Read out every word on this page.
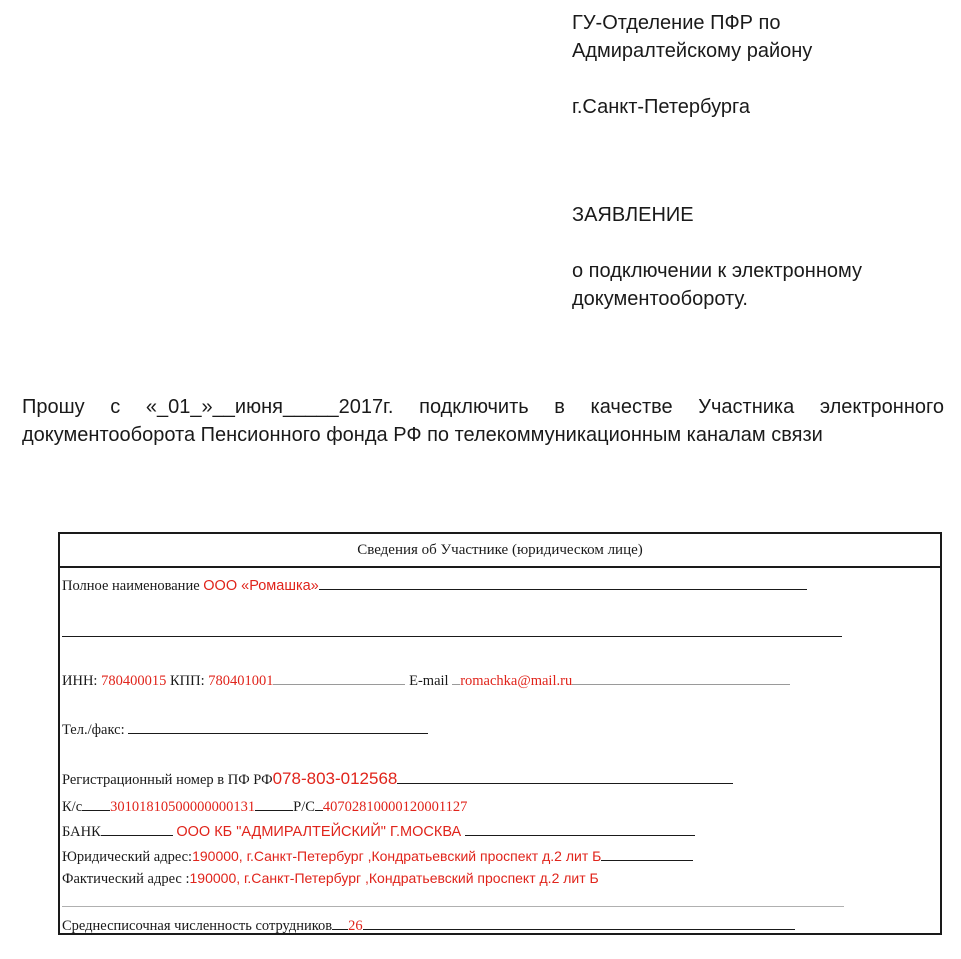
ГУ-Отделение ПФР по
Адмиралтейскому району
г.Санкт-Петербурга
ЗАЯВЛЕНИЕ
о подключении к электронному
документообороту.
Прошу с «_01_»__июня_____2017г. подключить в качестве Участника электронного
документооборота Пенсионного фонда РФ по телекоммуникационным каналам связи
Сведения об Участнике (юридическом лице)
Полное наименование ООО «Ромашка»
ИНН: 780400015 КПП: 780401001	E-mail romachka@mail.ru
Тел./факс:
Регистрационный номер в ПФ РФ078-803-012568
К/с 30101810500000000131	Р/С 40702810000120001127
БАНК	ООО КБ "АДМИРАЛТЕЙСКИЙ" Г.МОСКВА
Юридический адрес:190000, г.Санкт-Петербург ,Кондратьевский проспект д.2 лит Б
Фактический адрес :190000, г.Санкт-Петербург ,Кондратьевский проспект д.2 лит Б
Среднесписочная численность сотрудников 26
